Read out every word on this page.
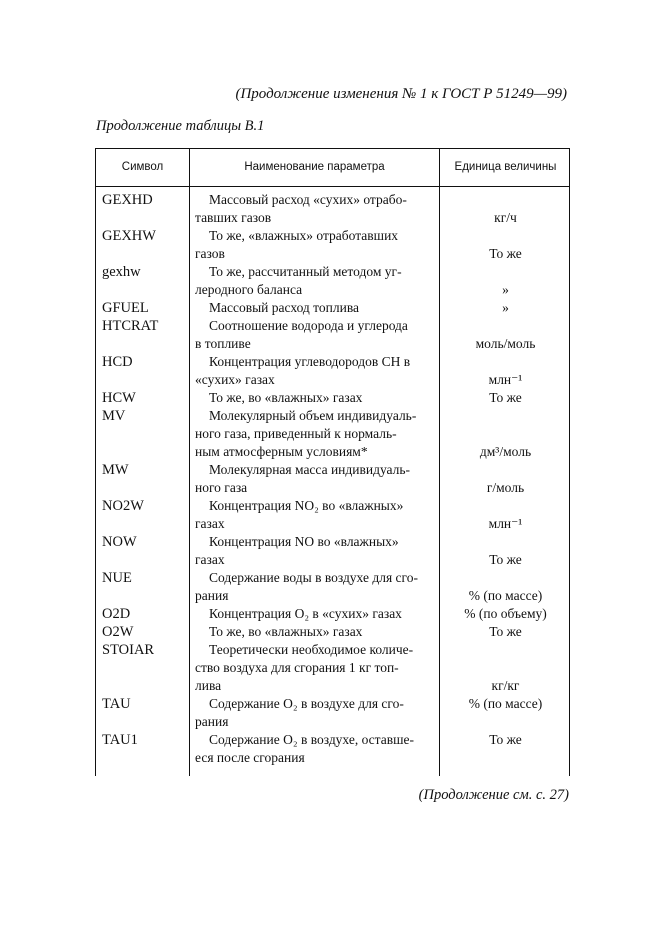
(Продолжение изменения № 1 к ГОСТ Р 51249—99)
Продолжение таблицы В.1
Символ	Наименование параметра	Единица величины
GEXHD	Массовый расход «сухих» отрабо-
тавших газов	кг/ч
GEXHW	То же, «влажных» отработавших
газов	То же
gexhw	То же, рассчитанный методом уг-
леродного баланса	»
GFUEL	Массовый расход топлива	»
HTCRAT	Соотношение водорода и углерода
в топливе	моль/моль
HCD	Концентрация углеводородов CH в
«сухих» газах	млн⁻¹
HCW	То же, во «влажных» газах	То же
MV	Молекулярный объем индивидуаль-
ного газа, приведенный к нормаль-
ным атмосферным условиям*	дм³/моль
MW	Молекулярная масса индивидуаль-
ного газа	г/моль
NO2W	Концентрация NO₂ во «влажных»
газах	млн⁻¹
NOW	Концентрация NO во «влажных»
газах	То же
NUE	Содержание воды в воздухе для сго-
рания	% (по массе)
O2D	Концентрация O₂ в «сухих» газах	% (по объему)
O2W	То же, во «влажных» газах	То же
STOIAR	Теоретически необходимое количе-
ство воздуха для сгорания 1 кг топ-
лива	кг/кг
TAU	Содержание O₂ в воздухе для сго-	% (по массе)
рания
TAU1	Содержание O₂ в воздухе, оставше-	То же
еся после сгорания
(Продолжение см. с. 27)
